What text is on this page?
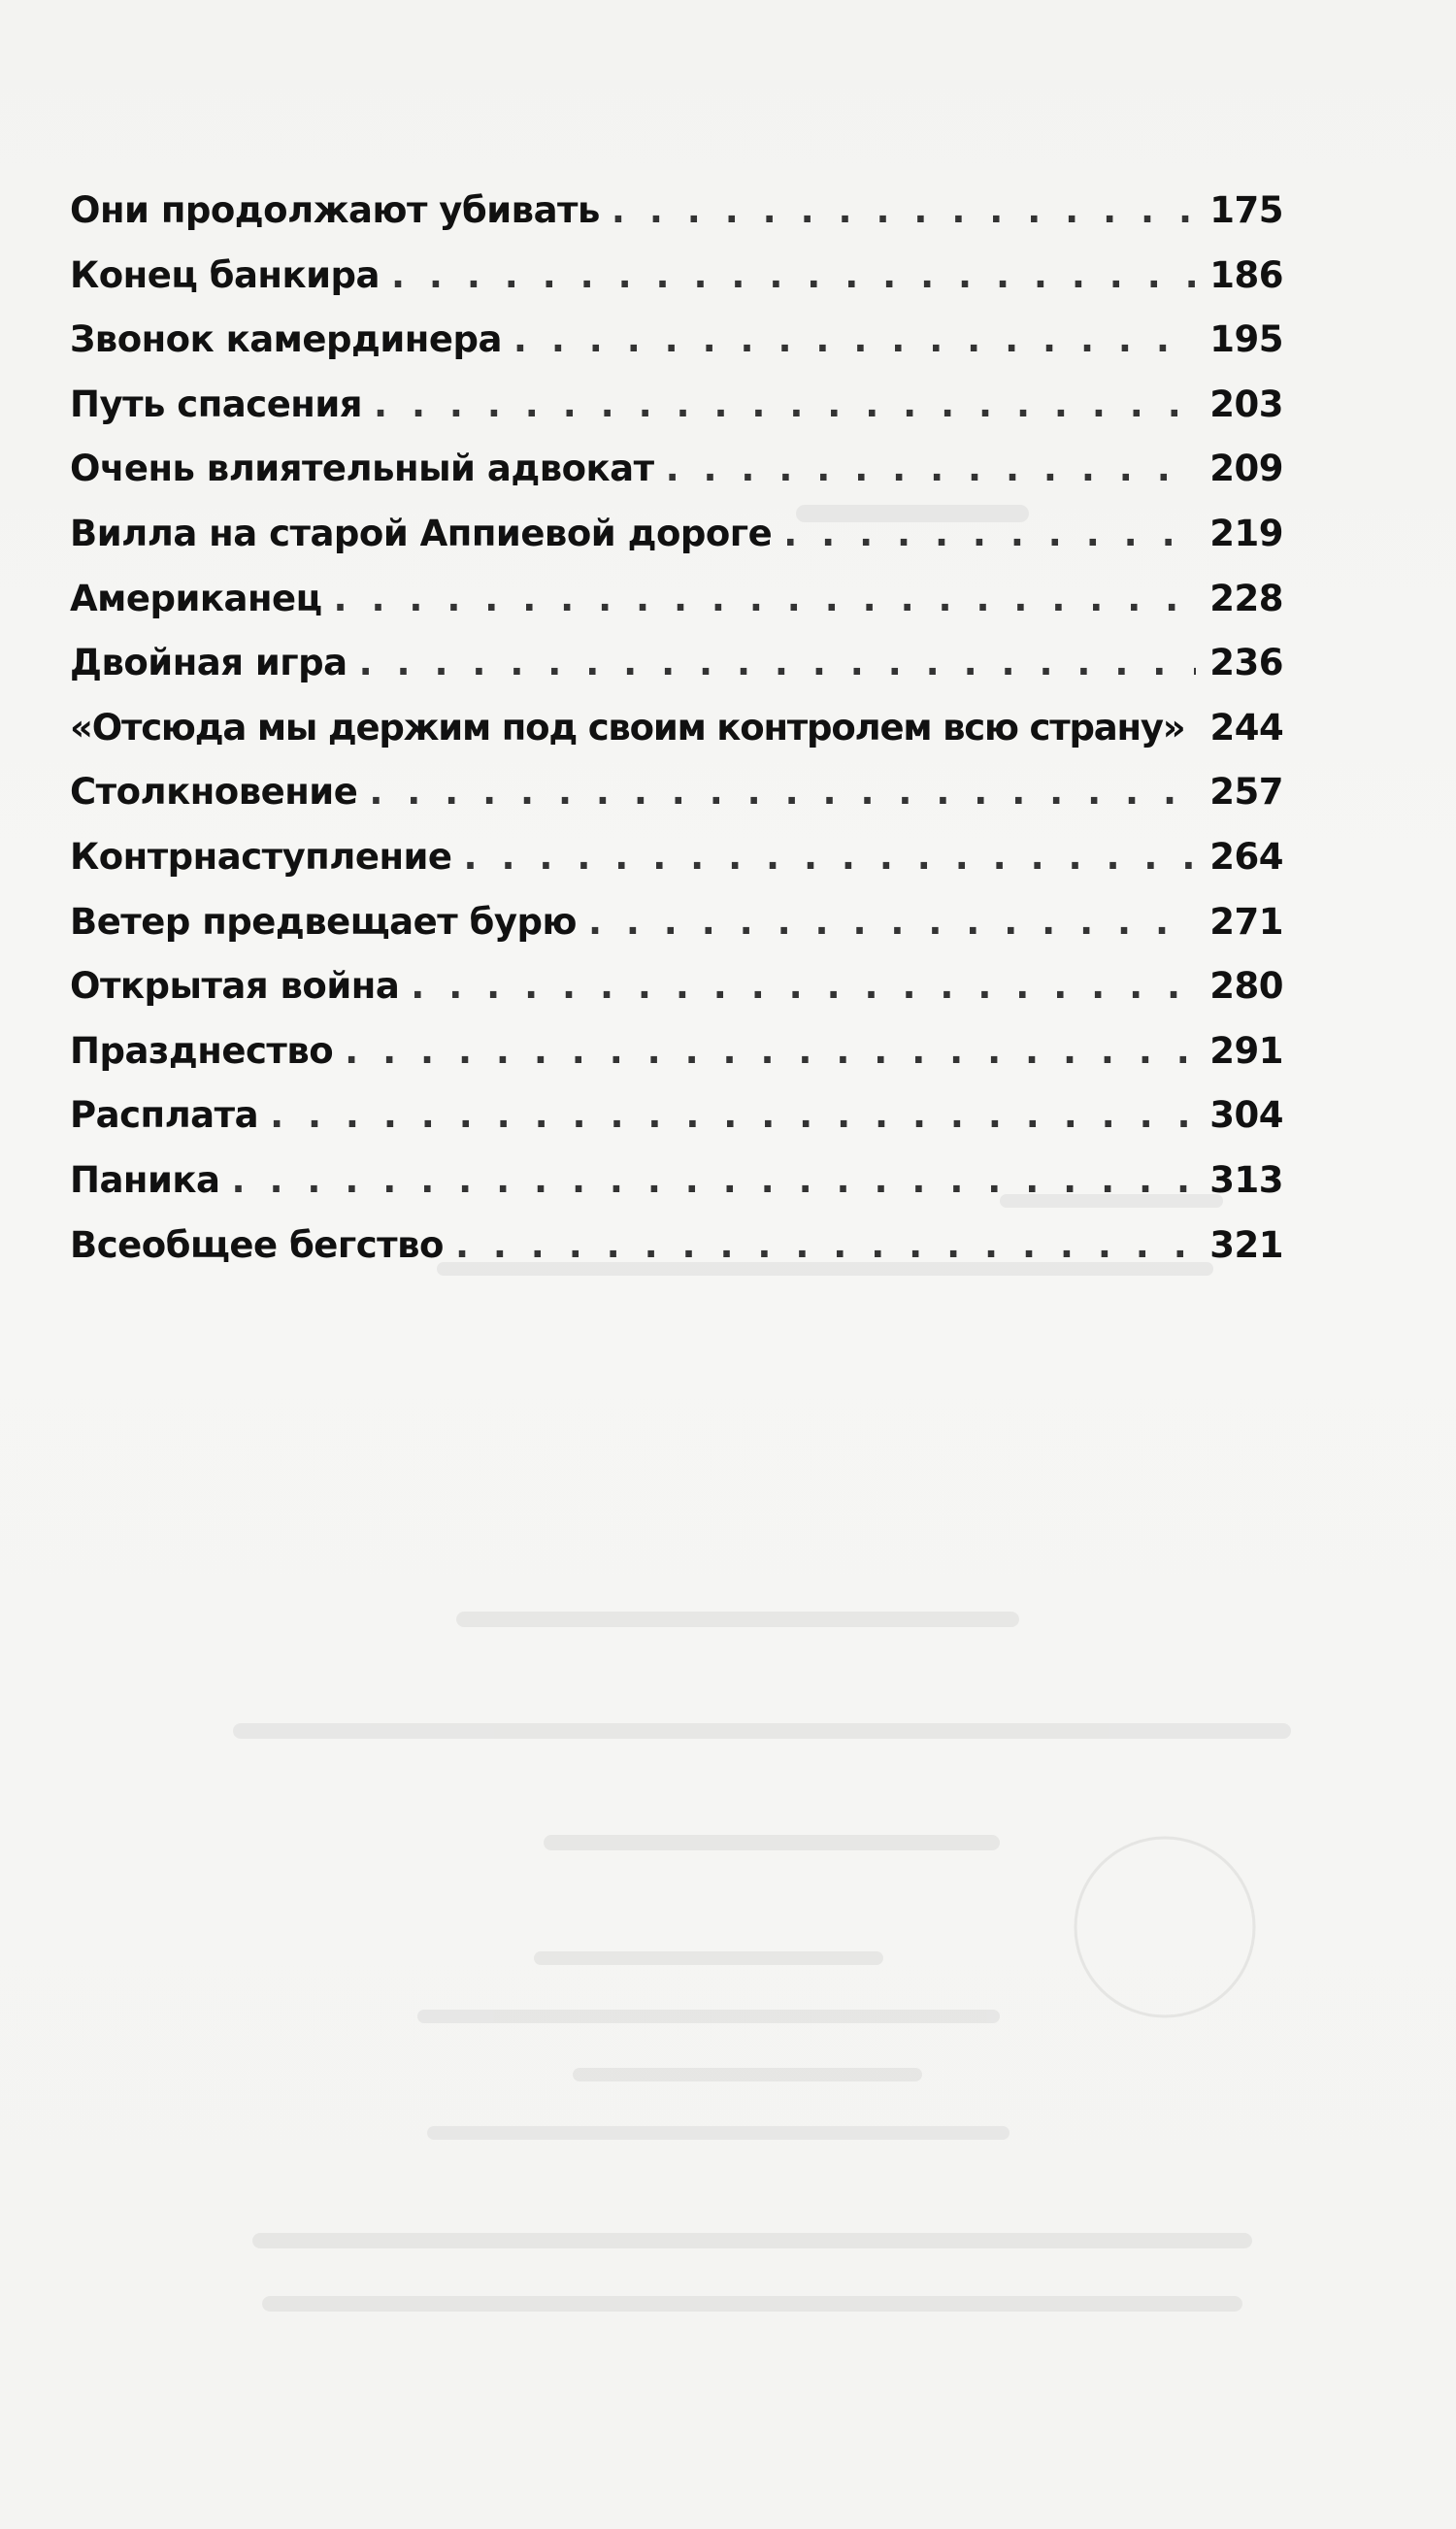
Они продолжают убивать . . .	175
Конец банкира . . .	186
Звонок камердинера . . .	195
Путь спасения . . .	203
Очень влиятельный адвокат . . .	209
Вилла на старой Аппиевой дороге . . .	219
Американец . . .	228
Двойная игра . . .	236
«Отсюда мы держим под своим контролем всю страну» 244
Столкновение . . .	257
Контрнаступление . . .	264
Ветер предвещает бурю . . .	271
Открытая война . . .	280
Празднество . . .	291
Расплата . . .	304
Паника . . .	313
Всеобщее бегство . . .	321
